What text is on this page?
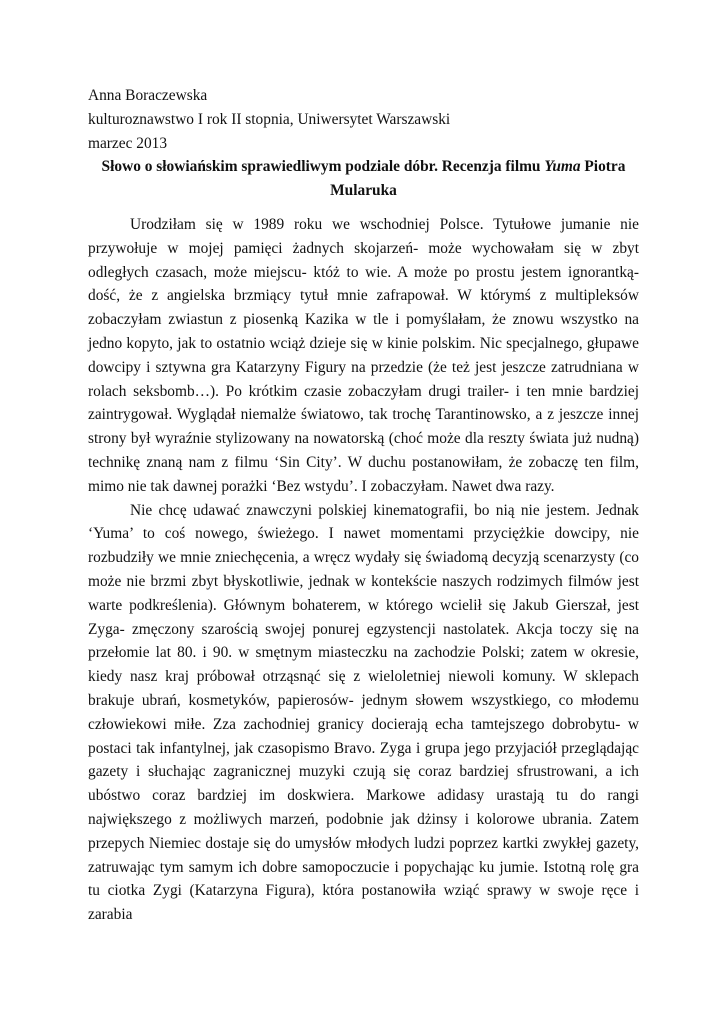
Anna Boraczewska

kulturoznawstwo I rok II stopnia, Uniwersytet Warszawski

marzec 2013

Słowo o słowiańskim sprawiedliwym podziale dóbr. Recenzja filmu Yuma Piotra Mularuka

Urodziłam się w 1989 roku we wschodniej Polsce. Tytułowe jumanie nie przywołuje w mojej pamięci żadnych skojarzeń- może wychowałam się w zbyt odległych czasach, może miejscu- któż to wie. A może po prostu jestem ignorantką- dość, że z angielska brzmiący tytuł mnie zafrapował. W którymś z multipleksów zobaczyłam zwiastun z piosenką Kazika w tle i pomyślałam, że znowu wszystko na jedno kopyto, jak to ostatnio wciąż dzieje się w kinie polskim. Nic specjalnego, głupawe dowcipy i sztywna gra Katarzyny Figury na przedzie (że też jest jeszcze zatrudniana w rolach seksbomb…). Po krótkim czasie zobaczyłam drugi trailer- i ten mnie bardziej zaintrygował. Wyglądał niemalże światowo, tak trochę Tarantinowsko, a z jeszcze innej strony był wyraźnie stylizowany na nowatorską (choć może dla reszty świata już nudną) technikę znaną nam z filmu ‘Sin City’. W duchu postanowiłam, że zobaczę ten film, mimo nie tak dawnej porażki ‘Bez wstydu’. I zobaczyłam. Nawet dwa razy.

Nie chcę udawać znawczyni polskiej kinematografii, bo nią nie jestem. Jednak ‘Yuma’ to coś nowego, świeżego. I nawet momentami przyciężkie dowcipy, nie rozbudziły we mnie zniechęcenia, a wręcz wydały się świadomą decyzją scenarzysty (co może nie brzmi zbyt błyskotliwie, jednak w kontekście naszych rodzimych filmów jest warte podkreślenia). Głównym bohaterem, w którego wcielił się Jakub Gierszał, jest Zyga- zmęczony szarością swojej ponurej egzystencji nastolatek. Akcja toczy się na przełomie lat 80. i 90. w smętnym miasteczku na zachodzie Polski; zatem w okresie, kiedy nasz kraj próbował otrząsnąć się z wieloletniej niewoli komuny. W sklepach brakuje ubrań, kosmetyków, papierosów- jednym słowem wszystkiego, co młodemu człowiekowi miłe. Zza zachodniej granicy docierają echa tamtejszego dobrobytu- w postaci tak infantylnej, jak czasopismo Bravo. Zyga i grupa jego przyjaciół przeglądając gazety i słuchając zagranicznej muzyki czują się coraz bardziej sfrustrowani, a ich ubóstwo coraz bardziej im doskwiera. Markowe adidasy urastają tu do rangi największego z możliwych marzeń, podobnie jak dżinsy i kolorowe ubrania. Zatem przepych Niemiec dostaje się do umysłów młodych ludzi poprzez kartki zwykłej gazety, zatruwając tym samym ich dobre samopoczucie i popychając ku jumie. Istotną rolę gra tu ciotka Zygi (Katarzyna Figura), która postanowiła wziąć sprawy w swoje ręce i zarabia
